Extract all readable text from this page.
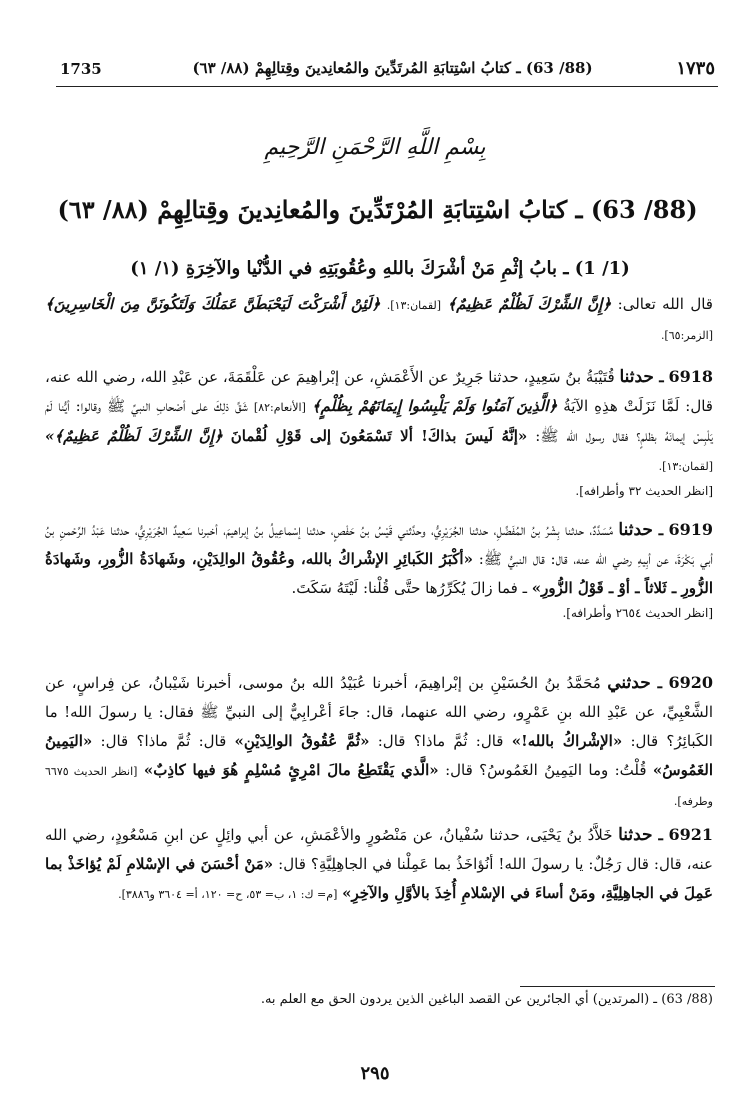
1735	(88/ 63) ـ كتابُ اسْتِتابَةِ المُرتَدِّينَ والمُعانِدينَ وقِتالِهِمْ (٨٨/ ٦٣)	١٧٣٥
بِسْمِ اللَّهِ الرَّحْمَنِ الرَّحِيمِ
(88/ 63) ـ كتابُ اسْتِتابَةِ المُرْتَدِّينَ والمُعانِدينَ وقِتالِهِمْ (٨٨/ ٦٣)
(1/ 1) ـ بابُ إثْمِ مَنْ أشْرَكَ باللهِ وعُقُوبَتِهِ في الدُّنْيا والآخِرَةِ (١/ ١)
قال الله تعالى: ﴿إِنَّ الشِّرْكَ لَظُلْمٌ عَظِيمٌ﴾ [لقمان:١٣]. ﴿لَئِنْ أَشْرَكْتَ لَيَحْبَطَنَّ عَمَلُكَ وَلَتَكُونَنَّ مِنَ الْخَاسِرِينَ﴾ [الزمر:٦٥].
6918 ـ حدثنا قُتَيْبَةُ بنُ سَعِيدٍ، حدثنا جَرِيرٌ عن الأَعْمَشِ، عن إبْراهِيمَ عن عَلْقَمَةَ، عن عَبْدِ الله، رضي الله عنه، قال: لَمَّا نَزَلَتْ هذِهِ الآيَةُ ﴿الَّذِينَ آمَنُوا وَلَمْ يَلْبِسُوا إِيمَانَهُمْ بِظُلْمٍ﴾ [الأنعام:٨٢] شَقَّ ذلِكَ على أصْحابِ النبيِّ ﷺ وقالوا: أيُّنا لَمْ يَلْبِسْ إيمانَهُ بظلمٍ؟ فقال رسول الله ﷺ: «إنَّهُ لَيسَ بذاكَ! ألا تَسْمَعُونَ إلى قَوْلِ لُقْمانَ ﴿إِنَّ الشِّرْكَ لَظُلْمٌ عَظِيمٌ﴾» [لقمان:١٣].
[انظر الحديث ٣٢ وأطرافه].
6919 ـ حدثنا مُسَدَّدٌ، حدثنا بِشْرُ بنُ المُفَضَّلِ، حدثنا الجُرَيْرِيُّ، وحدَّثني قَيْسُ بنُ حَفْصٍ، حدثنا إسْماعِيلُ بنُ إبراهيمَ، أخبرنا سَعِيدٌ الجُرَيْرِيُّ، حدثنا عَبْدُ الرَّحْمنِ بنُ أبي بَكْرَةَ، عن أبِيهِ رضي الله عنه، قال: قال النبيُّ ﷺ: «أكْبَرُ الكَبائِرِ الإشْراكُ بالله، وعُقُوقُ الوالِدَيْنِ، وشَهادَةُ الزُّورِ، وشَهادَةُ الزُّورِ ـ ثَلاثاً ـ أوْ ـ قَوْلُ الزُّورِ» ـ فما زالَ يُكَرِّرُها حتَّى قُلْنا: لَيْتَهُ سَكَتَ.
[انظر الحديث ٢٦٥٤ وأطرافه].
6920 ـ حدثني مُحَمَّدُ بنُ الحُسَيْنِ بن إبْراهِيمَ، أخبرنا عُبَيْدُ الله بنُ موسى، أخبرنا شَيْبانُ، عن فِراسٍ، عن الشَّعْبِيِّ، عن عَبْدِ الله بنِ عَمْرٍو، رضي الله عنهما، قال: جاءَ أعْرابِيٌّ إلى النبيِّ ﷺ فقال: يا رسولَ الله! ما الكَبائِرُ؟ قال: «الإشْراكُ بالله!» قال: ثُمَّ ماذا؟ قال: «ثُمَّ عُقُوقُ الوالِدَيْنِ» قال: ثُمَّ ماذا؟ قال: «اليَمِينُ الغَمُوسُ» قُلْتُ: وما اليَمِينُ الغَمُوسُ؟ قال: «الَّذي يَقْتَطِعُ مالَ امْرِئٍ مُسْلِمٍ هُوَ فيها كاذِبٌ» [انظر الحديث ٦٦٧٥ وطرفه].
6921 ـ حدثنا خَلاَّدُ بنُ يَحْيَى، حدثنا سُفْيانُ، عن مَنْصُورٍ والأعْمَشِ، عن أبي وائِلٍ عن ابنِ مَسْعُودٍ، رضي الله عنه، قال: قال رَجُلٌ: يا رسولَ الله! أنُؤاخَذُ بما عَمِلْنا في الجاهِلِيَّةِ؟ قال: «مَنْ أحْسَنَ في الإسْلامِ لَمْ يُؤاخَذْ بما عَمِلَ في الجاهِلِيَّةِ، ومَنْ أساءَ في الإسْلامِ أُخِذَ بالأوَّلِ والآخِرِ» [م= ك: ١، ب= ٥٣، ح= ١٢٠، أ= ٣٦٠٤ و٣٨٨٦].
(88/ 63) ـ (المرتدين) أي الجائرين عن القصد الباغين الذين يردون الحق مع العلم به.
٢٩٥
